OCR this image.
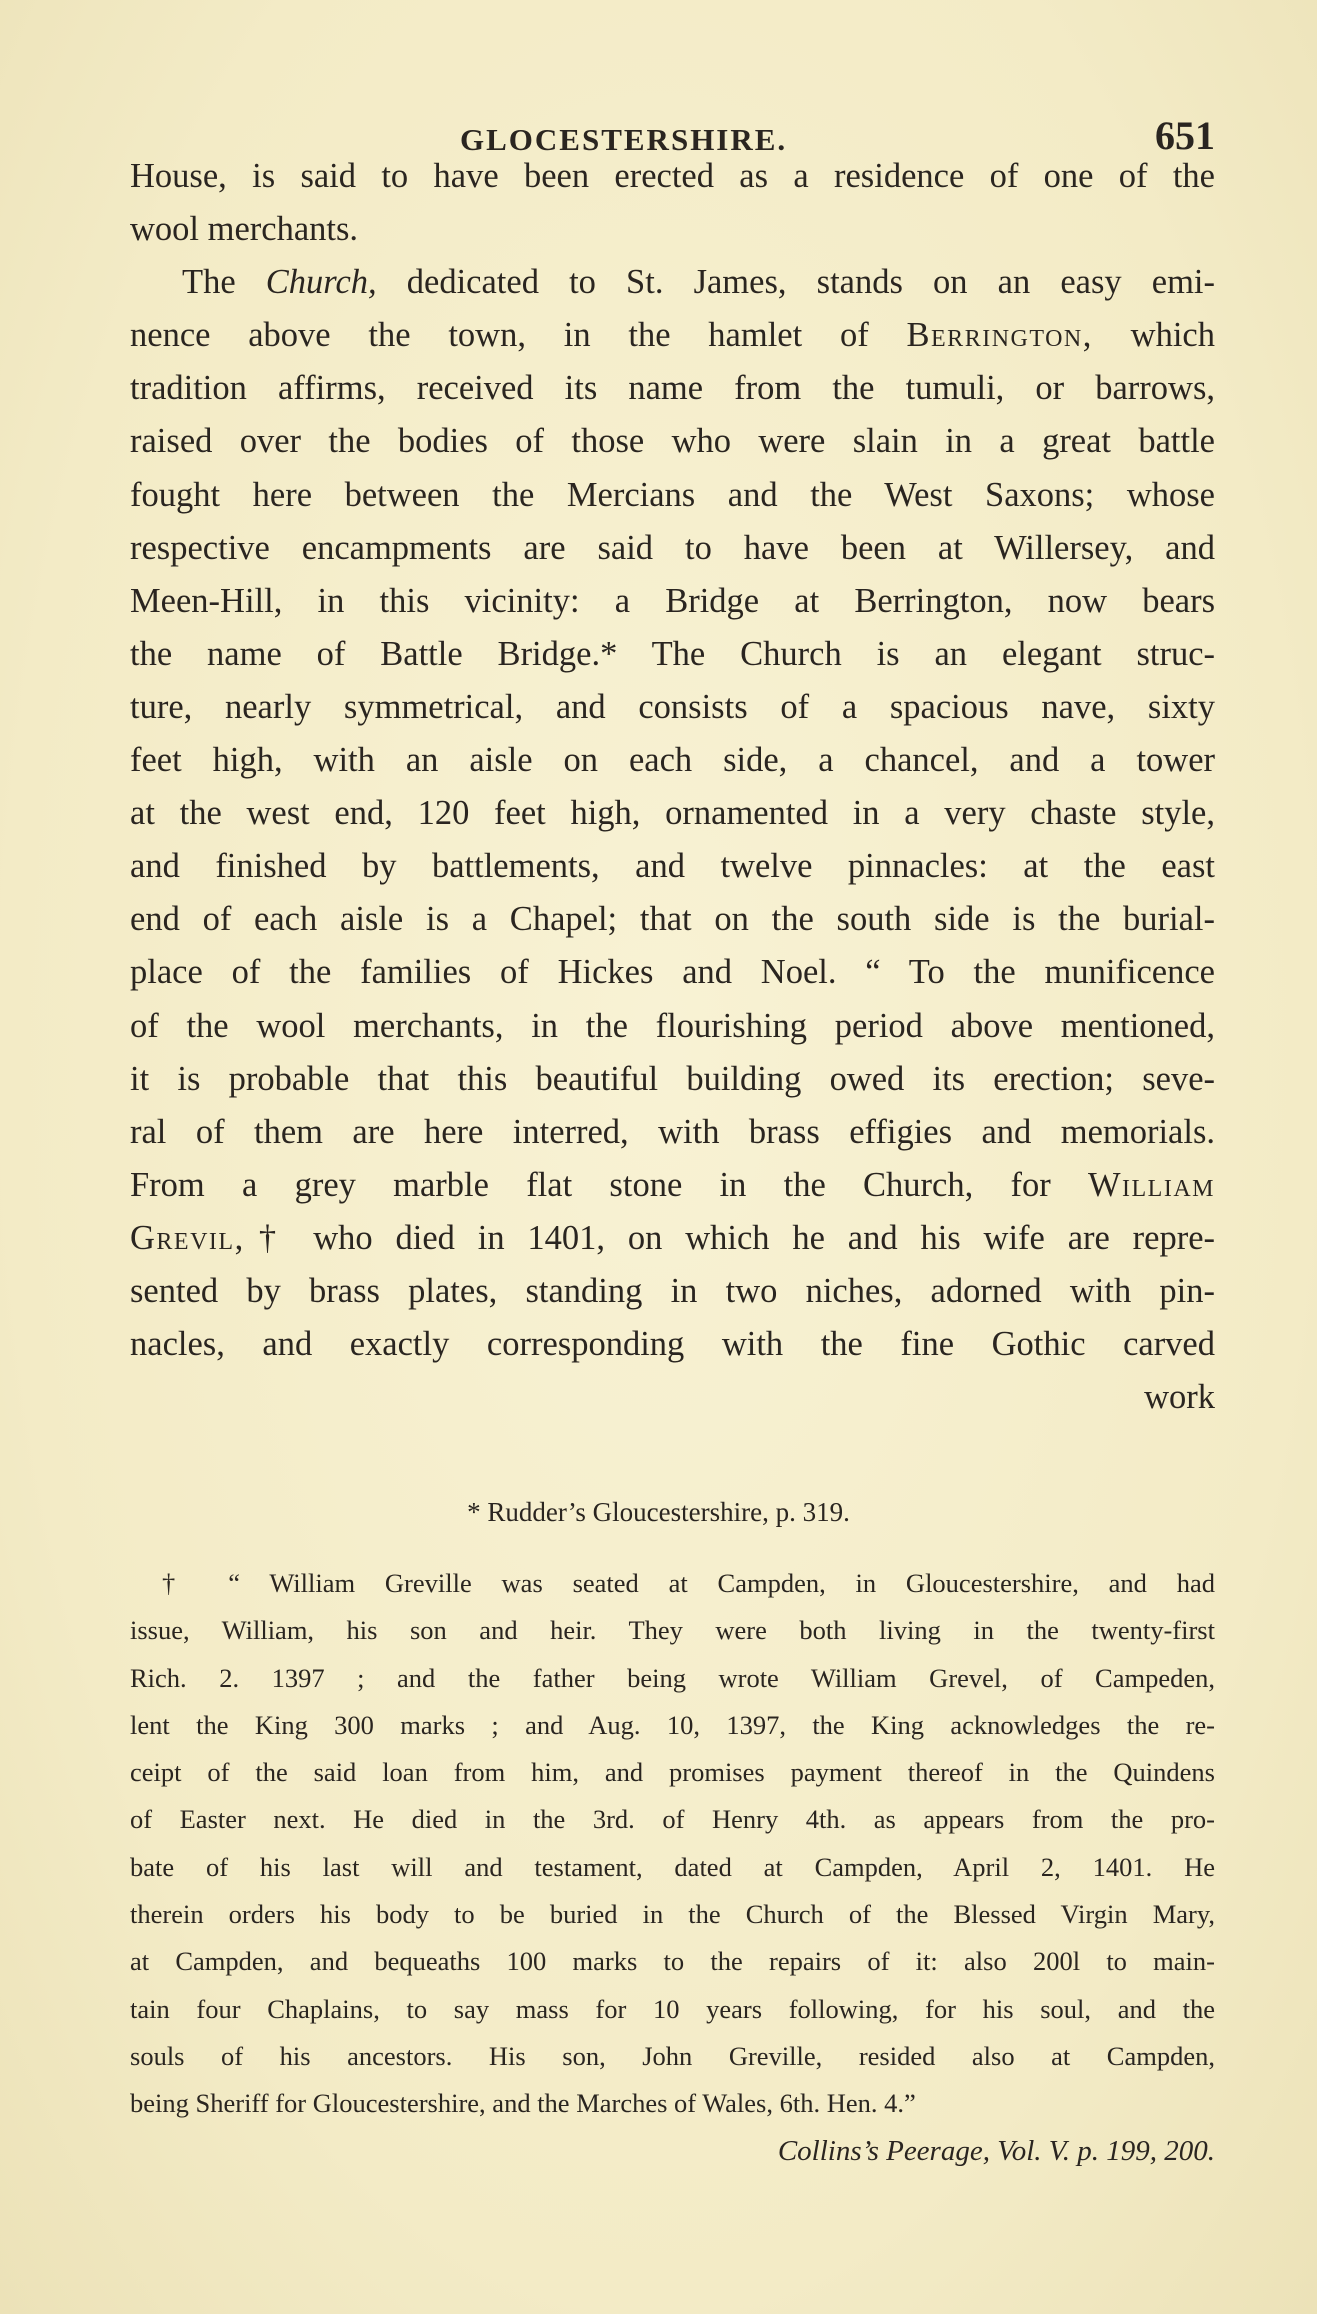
GLOCESTERSHIRE.	651
House, is said to have been erected as a residence of one of the
wool merchants.
The Church, dedicated to St. James, stands on an easy emi-
nence above the town, in the hamlet of Berrington, which
tradition affirms, received its name from the tumuli, or barrows,
raised over the bodies of those who were slain in a great battle
fought here between the Mercians and the West Saxons; whose
respective encampments are said to have been at Willersey, and
Meen-Hill, in this vicinity: a Bridge at Berrington, now bears
the name of Battle Bridge.* The Church is an elegant struc-
ture, nearly symmetrical, and consists of a spacious nave, sixty
feet high, with an aisle on each side, a chancel, and a tower
at the west end, 120 feet high, ornamented in a very chaste style,
and finished by battlements, and twelve pinnacles: at the east
end of each aisle is a Chapel; that on the south side is the burial-
place of the families of Hickes and Noel. “ To the munificence
of the wool merchants, in the flourishing period above mentioned,
it is probable that this beautiful building owed its erection; seve-
ral of them are here interred, with brass effigies and memorials.
From a grey marble flat stone in the Church, for William
Grevil,† who died in 1401, on which he and his wife are repre-
sented by brass plates, standing in two niches, adorned with pin-
nacles, and exactly corresponding with the fine Gothic carved
work
* Rudder’s Gloucestershire, p. 319.
† “ William Greville was seated at Campden, in Gloucestershire, and had
issue, William, his son and heir. They were both living in the twenty-first
Rich. 2. 1397 ; and the father being wrote William Grevel, of Campeden,
lent the King 300 marks ; and Aug. 10, 1397, the King acknowledges the re-
ceipt of the said loan from him, and promises payment thereof in the Quindens
of Easter next. He died in the 3rd. of Henry 4th. as appears from the pro-
bate of his last will and testament, dated at Campden, April 2, 1401. He
therein orders his body to be buried in the Church of the Blessed Virgin Mary,
at Campden, and bequeaths 100 marks to the repairs of it: also 200l to main-
tain four Chaplains, to say mass for 10 years following, for his soul, and the
souls of his ancestors. His son, John Greville, resided also at Campden,
being Sheriff for Gloucestershire, and the Marches of Wales, 6th. Hen. 4.”
Collins’s Peerage, Vol. V. p. 199, 200.
